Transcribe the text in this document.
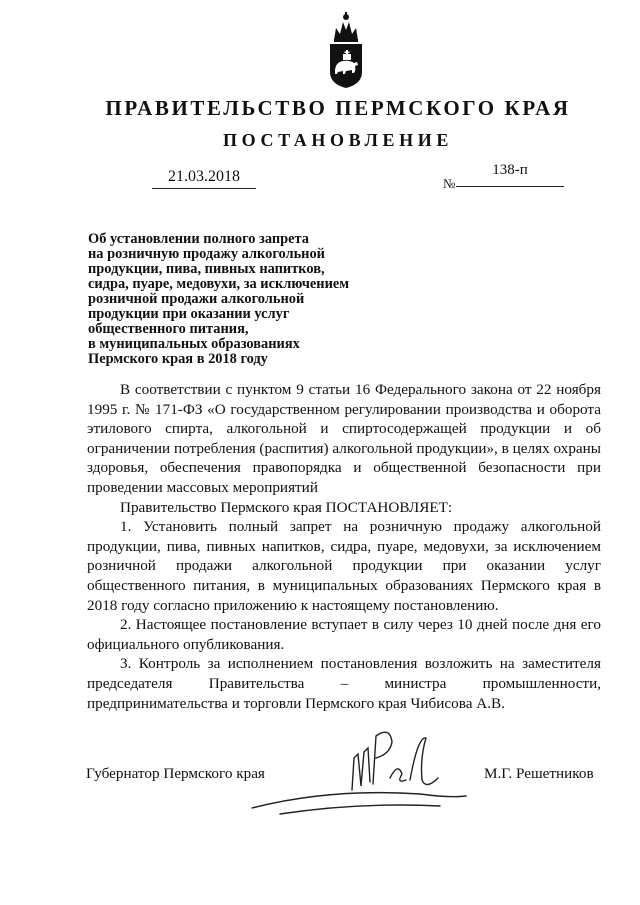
ПРАВИТЕЛЬСТВО ПЕРМСКОГО КРАЯ
ПОСТАНОВЛЕНИЕ
21.03.2018	№
138-п
Об установлении полного запрета
на розничную продажу алкогольной
продукции, пива, пивных напитков,
сидра, пуаре, медовухи, за исключением
розничной продажи алкогольной
продукции при оказании услуг
общественного питания,
в муниципальных образованиях
Пермского края в 2018 году

В соответствии с пунктом 9 статьи 16 Федерального закона от 22 ноября 1995 г. № 171-ФЗ «О государственном регулировании производства и оборота этилового спирта, алкогольной и спиртосодержащей продукции и об ограничении потребления (распития) алкогольной продукции», в целях охраны здоровья, обеспечения правопорядка и общественной безопасности при проведении массовых мероприятий

Правительство Пермского края ПОСТАНОВЛЯЕТ:

1. Установить полный запрет на розничную продажу алкогольной продукции, пива, пивных напитков, сидра, пуаре, медовухи, за исключением розничной продажи алкогольной продукции при оказании услуг общественного питания, в муниципальных образованиях Пермского края в 2018 году согласно приложению к настоящему постановлению.

2. Настоящее постановление вступает в силу через 10 дней после дня его официального опубликования.

3. Контроль за исполнением постановления возложить на заместителя председателя Правительства – министра промышленности, предпринимательства и торговли Пермского края Чибисова А.В.

Губернатор Пермского края	М.Г. Решетников
